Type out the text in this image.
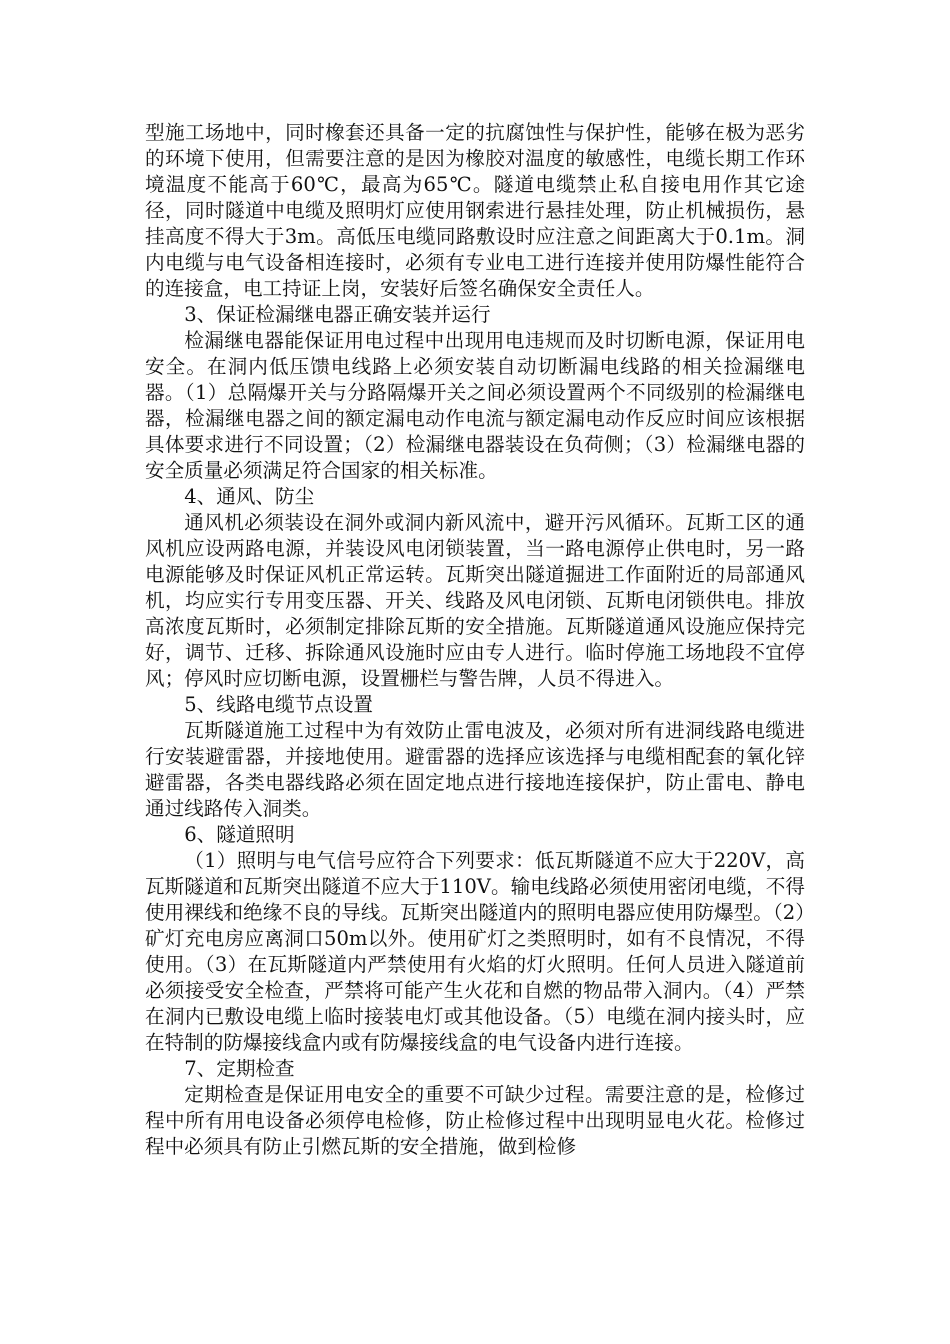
型施工场地中，同时橡套还具备一定的抗腐蚀性与保护性，能够在极为恶劣的环境下使用，但需要注意的是因为橡胶对温度的敏感性，电缆长期工作环境温度不能高于60℃，最高为65℃。隧道电缆禁止私自接电用作其它途径，同时隧道中电缆及照明灯应使用钢索进行悬挂处理，防止机械损伤，悬挂高度不得大于3m。高低压电缆同路敷设时应注意之间距离大于0.1m。洞内电缆与电气设备相连接时，必须有专业电工进行连接并使用防爆性能符合的连接盒，电工持证上岗，安装好后签名确保安全责任人。

3、保证检漏继电器正确安装并运行

检漏继电器能保证用电过程中出现用电违规而及时切断电源，保证用电安全。在洞内低压馈电线路上必须安装自动切断漏电线路的相关捡漏继电器。（1）总隔爆开关与分路隔爆开关之间必须设置两个不同级别的检漏继电器，检漏继电器之间的额定漏电动作电流与额定漏电动作反应时间应该根据具体要求进行不同设置；（2）检漏继电器装设在负荷侧；（3）检漏继电器的安全质量必须满足符合国家的相关标准。

4、通风、防尘

通风机必须装设在洞外或洞内新风流中，避开污风循环。瓦斯工区的通风机应设两路电源，并装设风电闭锁装置，当一路电源停止供电时，另一路电源能够及时保证风机正常运转。瓦斯突出隧道掘进工作面附近的局部通风机，均应实行专用变压器、开关、线路及风电闭锁、瓦斯电闭锁供电。排放高浓度瓦斯时，必须制定排除瓦斯的安全措施。瓦斯隧道通风设施应保持完好，调节、迁移、拆除通风设施时应由专人进行。临时停施工场地段不宜停风；停风时应切断电源，设置栅栏与警告牌，人员不得进入。

5、线路电缆节点设置

瓦斯隧道施工过程中为有效防止雷电波及，必须对所有进洞线路电缆进行安装避雷器，并接地使用。避雷器的选择应该选择与电缆相配套的氧化锌避雷器，各类电器线路必须在固定地点进行接地连接保护，防止雷电、静电通过线路传入洞类。

6、隧道照明

（1）照明与电气信号应符合下列要求：低瓦斯隧道不应大于220V，高瓦斯隧道和瓦斯突出隧道不应大于110V。输电线路必须使用密闭电缆，不得使用裸线和绝缘不良的导线。瓦斯突出隧道内的照明电器应使用防爆型。（2）矿灯充电房应离洞口50m以外。使用矿灯之类照明时，如有不良情况，不得使用。（3）在瓦斯隧道内严禁使用有火焰的灯火照明。任何人员进入隧道前必须接受安全检查，严禁将可能产生火花和自燃的物品带入洞内。（4）严禁在洞内已敷设电缆上临时接装电灯或其他设备。（5）电缆在洞内接头时，应在特制的防爆接线盒内或有防爆接线盒的电气设备内进行连接。

7、定期检查

定期检查是保证用电安全的重要不可缺少过程。需要注意的是，检修过程中所有用电设备必须停电检修，防止检修过程中出现明显电火花。检修过程中必须具有防止引燃瓦斯的安全措施，做到检修
